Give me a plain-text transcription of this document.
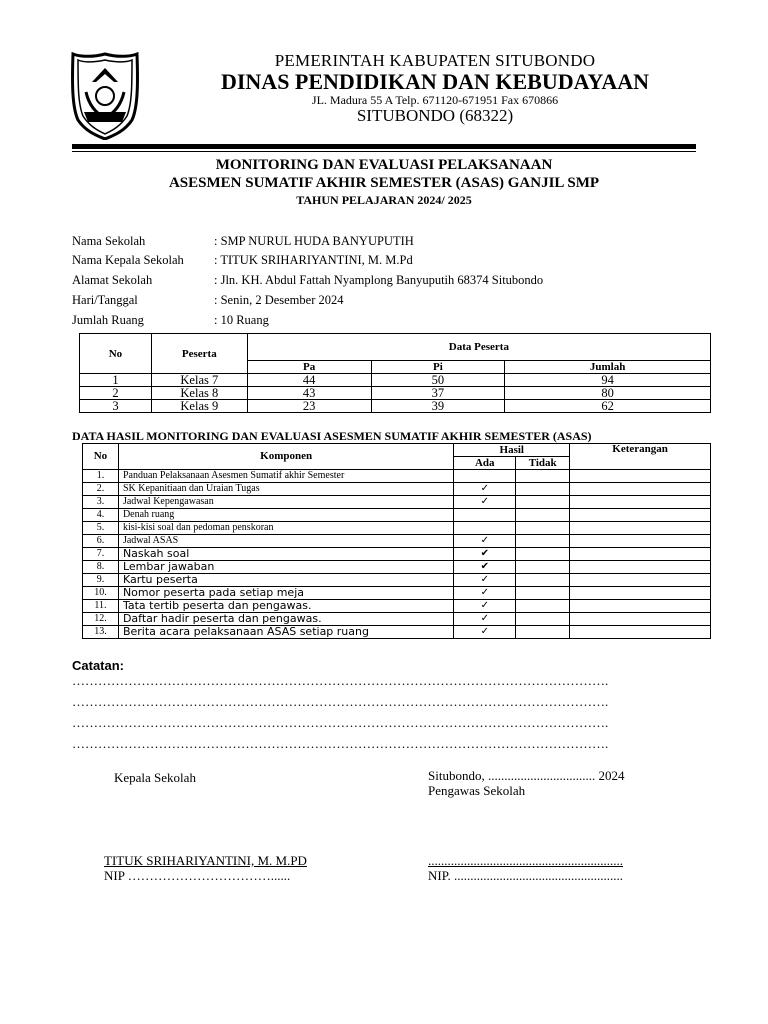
PEMERINTAH KABUPATEN SITUBONDO
DINAS PENDIDIKAN DAN KEBUDAYAAN
JL. Madura 55 A Telp. 671120-671951 Fax 670866
SITUBONDO (68322)
MONITORING DAN EVALUASI PELAKSANAAN
ASESMEN SUMATIF AKHIR SEMESTER (ASAS) GANJIL SMP
TAHUN PELAJARAN 2024/ 2025
Nama Sekolah	: SMP NURUL HUDA BANYUPUTIH
Nama Kepala Sekolah : TITUK SRIHARIYANTINI, M. M.Pd
Alamat Sekolah	: Jln. KH. Abdul Fattah Nyamplong Banyuputih 68374 Situbondo
Hari/Tanggal	: Senin, 2 Desember 2024
Jumlah Ruang	: 10 Ruang
No	Peserta	Data Peserta		
		Pa	Pi	Jumlah
1	Kelas 7	44	50	94
2	Kelas 8	43	37	80
3	Kelas 9	23	39	62
DATA HASIL MONITORING DAN EVALUASI ASESMEN SUMATIF AKHIR SEMESTER (ASAS)
No	Komponen	Hasil		Keterangan
		Ada	Tidak	
1.	Panduan Pelaksanaan Asesmen Sumatif akhir Semester			
2.	SK Kepanitiaan dan Uraian Tugas	✓		
3.	Jadwal Kepengawasan	✓		
4.	Denah ruang			
5.	kisi-kisi soal dan pedoman penskoran			
6.	Jadwal ASAS	✓		
7.	Naskah soal	✔		
8.	Lembar jawaban	✔		
9.	Kartu peserta	✓		
10.	Nomor peserta pada setiap meja	✓		
11.	Tata tertib peserta dan pengawas.	✓		
12.	Daftar hadir peserta dan pengawas.	✓		
13.	Berita acara pelaksanaan ASAS setiap ruang	✓		
Catatan:
…………………………………………………………………………………………………………….
…………………………………………………………………………………………………………….
…………………………………………………………………………………………………………….
…………………………………………………………………………………………………………….
Kepala Sekolah	Situbondo, ................................. 2024
Pengawas Sekolah
TITUK SRIHARIYANTINI, M. M.PD
NIP ……………………………......
............................................................
NIP. ....................................................
